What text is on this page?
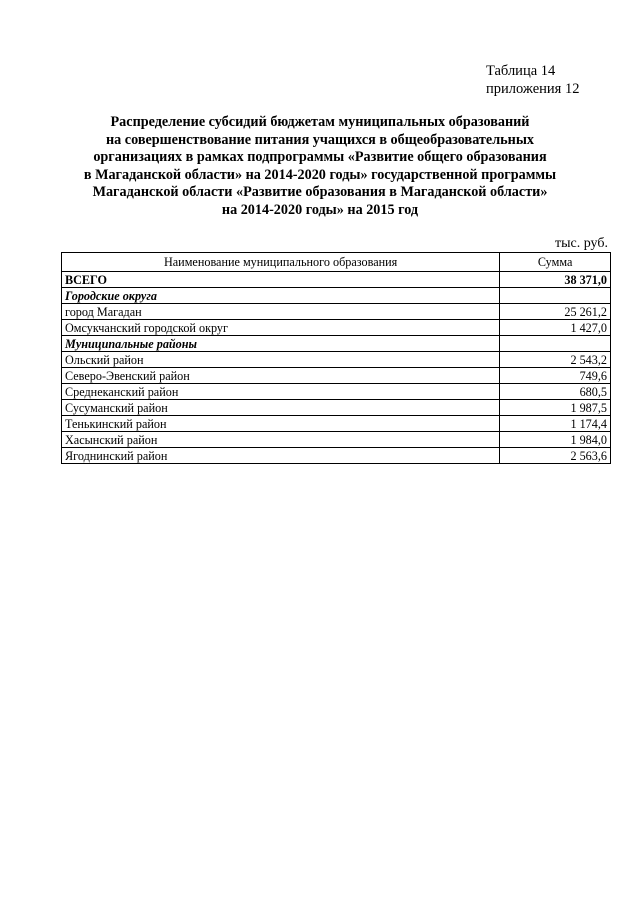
Таблица 14
приложения 12
Распределение субсидий бюджетам муниципальных образований
на совершенствование питания учащихся в общеобразовательных
организациях в рамках подпрограммы «Развитие общего образования
в Магаданской области» на 2014-2020 годы» государственной программы
Магаданской области «Развитие образования в Магаданской области»
на 2014-2020 годы» на 2015 год
тыс. руб.
Наименование муниципального образования	Сумма
ВСЕГО	38 371,0
Городские округа	
город Магадан	25 261,2
Омсукчанский городской округ	1 427,0
Муниципальные районы	
Ольский район	2 543,2
Северо-Эвенский район	749,6
Среднеканский район	680,5
Сусуманский район	1 987,5
Тенькинский район	1 174,4
Хасынский район	1 984,0
Ягоднинский район	2 563,6
